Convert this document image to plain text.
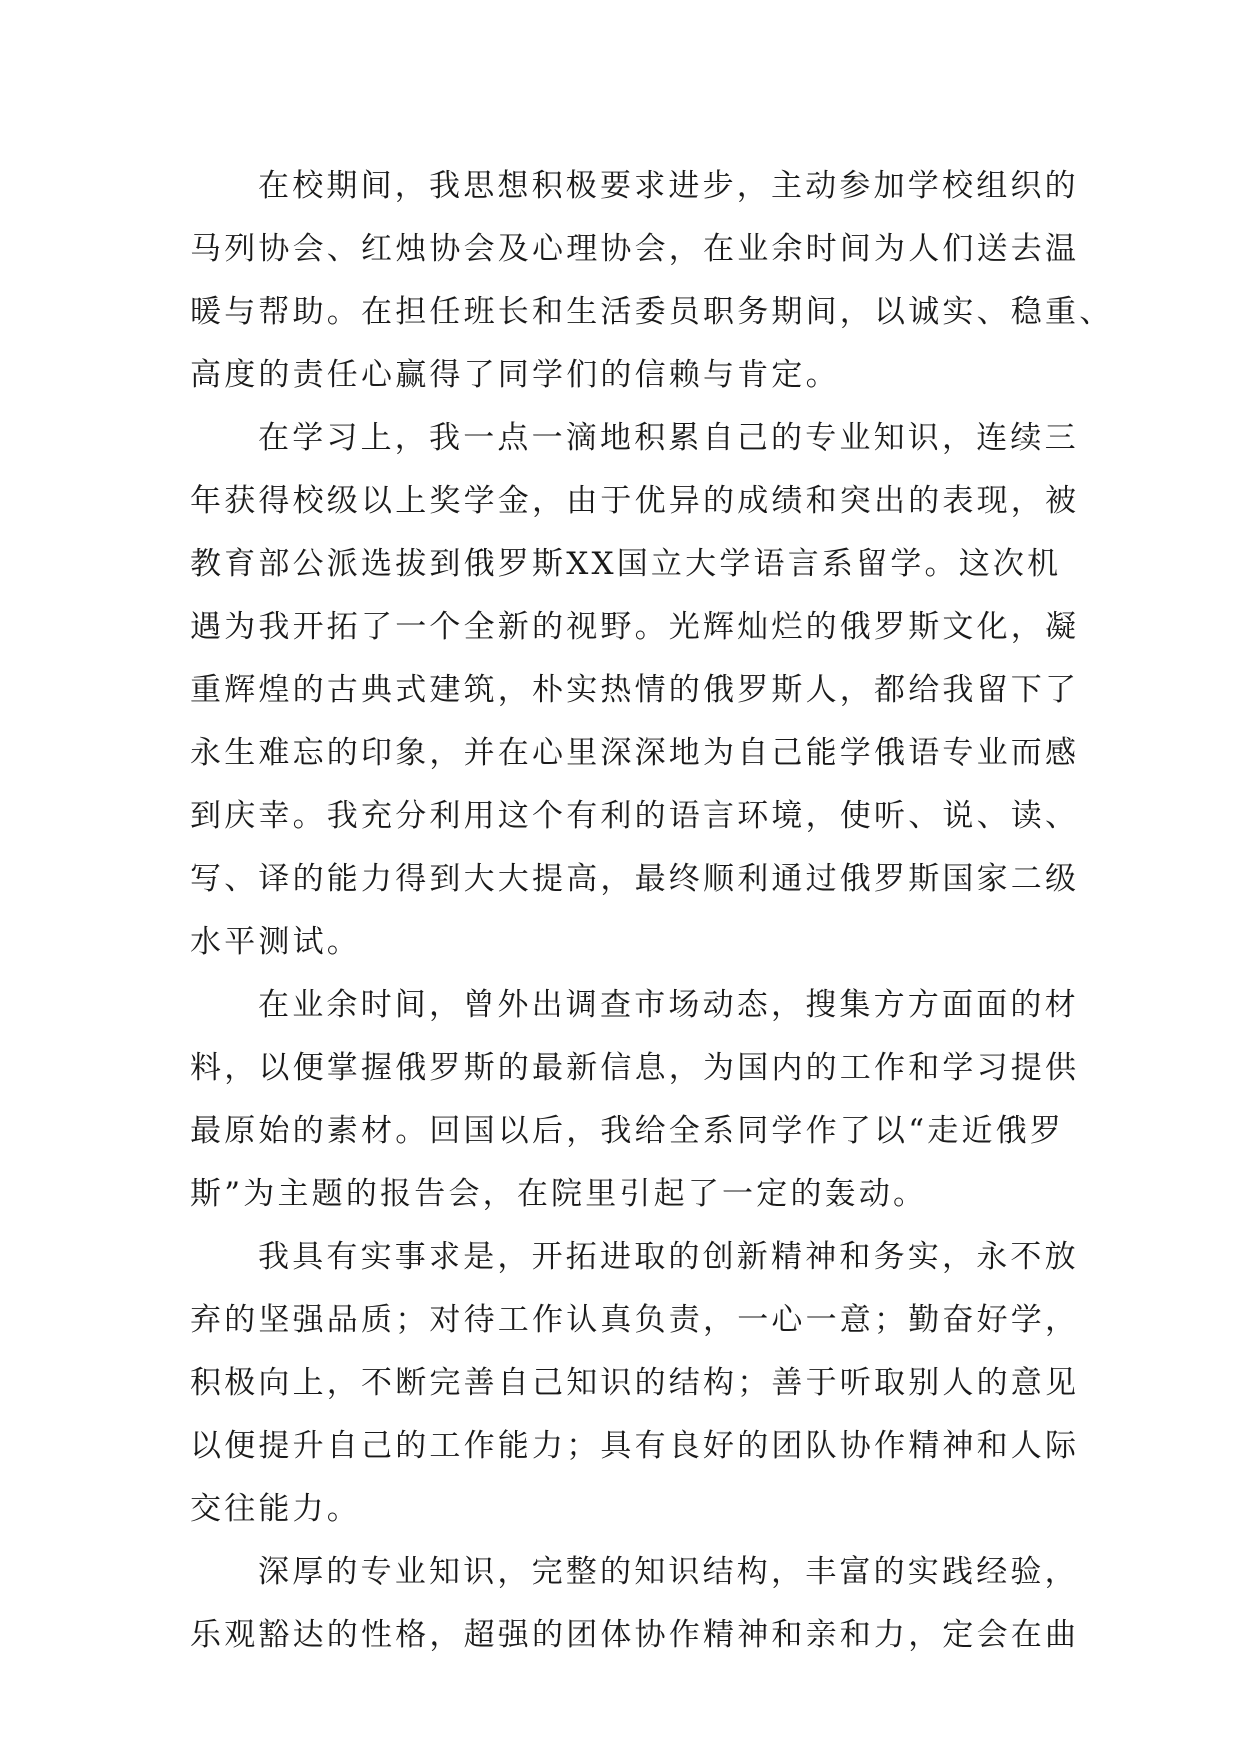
在校期间，我思想积极要求进步，主动参加学校组织的
马列协会、红烛协会及心理协会，在业余时间为人们送去温
暖与帮助。在担任班长和生活委员职务期间，以诚实、稳重、
高度的责任心赢得了同学们的信赖与肯定。
在学习上，我一点一滴地积累自己的专业知识，连续三
年获得校级以上奖学金，由于优异的成绩和突出的表现，被
教育部公派选拔到俄罗斯XX国立大学语言系留学。这次机
遇为我开拓了一个全新的视野。光辉灿烂的俄罗斯文化，凝
重辉煌的古典式建筑，朴实热情的俄罗斯人，都给我留下了
永生难忘的印象，并在心里深深地为自己能学俄语专业而感
到庆幸。我充分利用这个有利的语言环境，使听、说、读、
写、译的能力得到大大提高，最终顺利通过俄罗斯国家二级
水平测试。
在业余时间，曾外出调查市场动态，搜集方方面面的材
料，以便掌握俄罗斯的最新信息，为国内的工作和学习提供
最原始的素材。回国以后，我给全系同学作了以“走近俄罗
斯”为主题的报告会，在院里引起了一定的轰动。
我具有实事求是，开拓进取的创新精神和务实，永不放
弃的坚强品质；对待工作认真负责，一心一意；勤奋好学，
积极向上，不断完善自己知识的结构；善于听取别人的意见
以便提升自己的工作能力；具有良好的团队协作精神和人际
交往能力。
深厚的专业知识，完整的知识结构，丰富的实践经验，
乐观豁达的性格，超强的团体协作精神和亲和力，定会在曲
